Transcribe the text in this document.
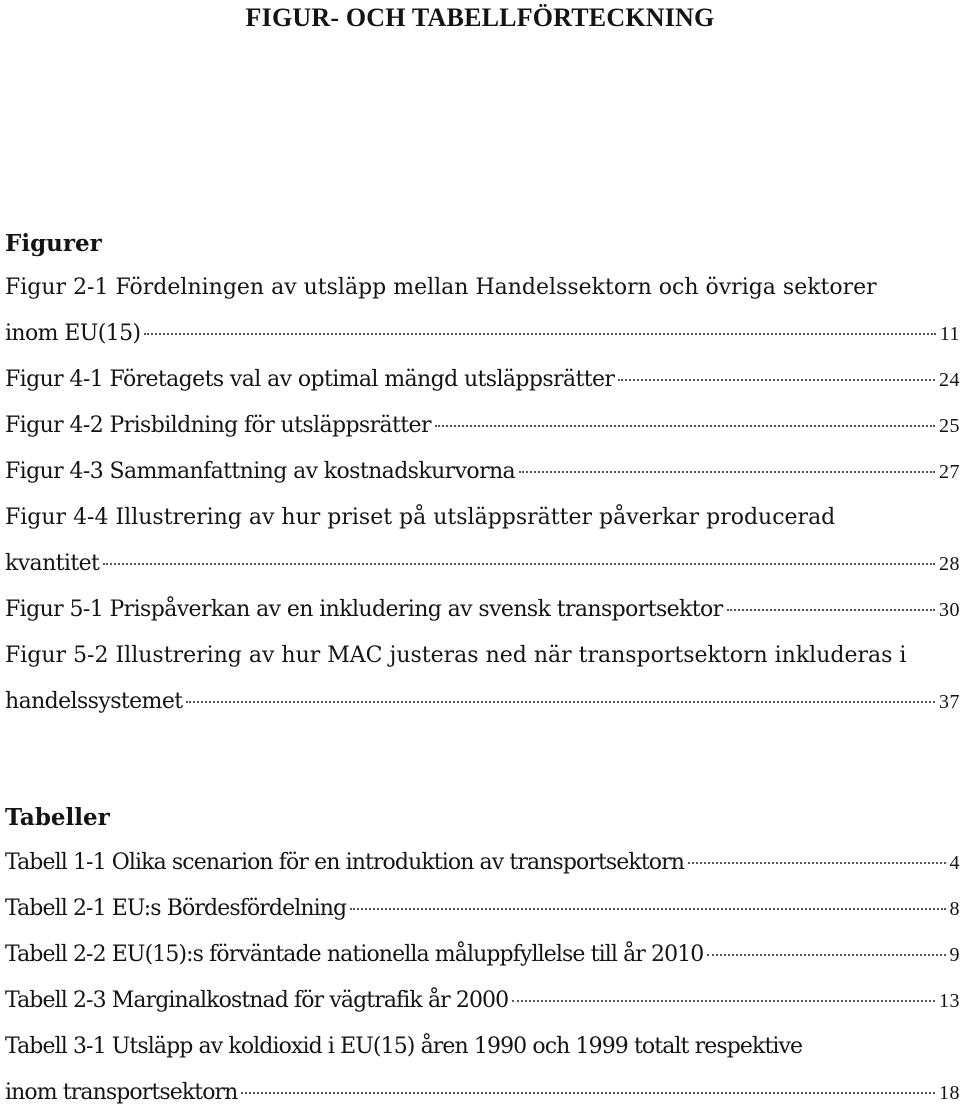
FIGUR- OCH TABELLFÖRTECKNING
Figurer
Figur 2-1 Fördelningen av utsläpp mellan Handelssektorn och övriga sektorer
inom EU(15)	11
Figur 4-1 Företagets val av optimal mängd utsläppsrätter	24
Figur 4-2 Prisbildning för utsläppsrätter	25
Figur 4-3 Sammanfattning av kostnadskurvorna	27
Figur 4-4 Illustrering av hur priset på utsläppsrätter påverkar producerad
kvantitet	28
Figur 5-1 Prispåverkan av en inkludering av svensk transportsektor	30
Figur 5-2 Illustrering av hur MAC justeras ned när transportsektorn inkluderas i
handelssystemet	37
Tabeller
Tabell 1-1 Olika scenarion för en introduktion av transportsektorn	4
Tabell 2-1 EU:s Bördesfördelning	8
Tabell 2-2 EU(15):s förväntade nationella måluppfyllelse till år 2010	9
Tabell 2-3 Marginalkostnad för vägtrafik år 2000	13
Tabell 3-1 Utsläpp av koldioxid i EU(15) åren 1990 och 1999 totalt respektive
inom transportsektorn	18
